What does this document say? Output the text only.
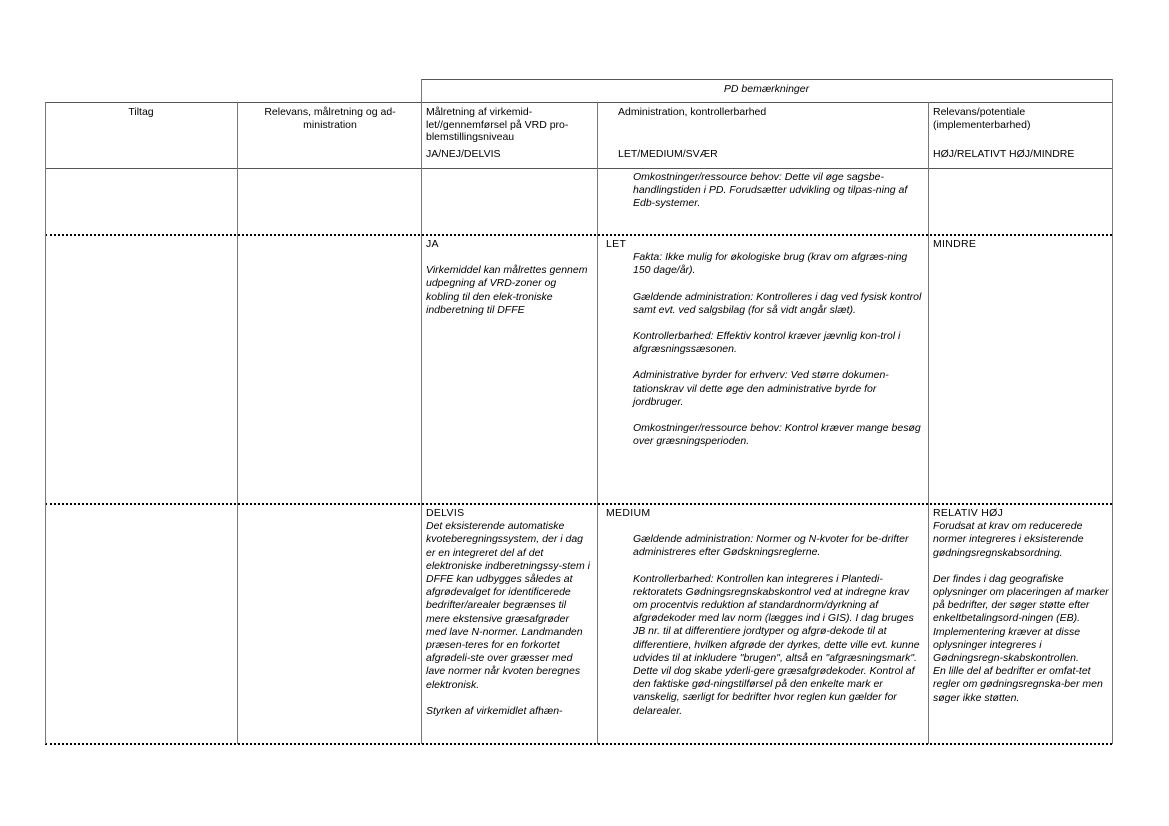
PD bemærkninger
Tiltag	Relevans, målretning og ad-ministration
Målretning af virkemid-let//gennemførsel på VRD pro-blemstillingsniveau
JA/NEJ/DELVIS
Administration, kontrollerbarhed
LET/MEDIUM/SVÆR
Relevans/potentiale (implementerbarhed)
HØJ/RELATIVT HØJ/MINDRE

Omkostninger/ressource behov: Dette vil øge sagsbe-handlingstiden i PD. Forudsætter udvikling og tilpas-ning af Edb-systemer.

JA

Virkemiddel kan målrettes gennem udpegning af VRD-zoner og kobling til den elek-troniske indberetning til DFFE

LET

Fakta: Ikke mulig for økologiske brug (krav om afgræs-ning 150 dage/år).

Gældende administration: Kontrolleres i dag ved fysisk kontrol samt evt. ved salgsbilag (for så vidt angår slæt).

Kontrollerbarhed: Effektiv kontrol kræver jævnlig kon-trol i afgræsningssæsonen.

Administrative byrder for erhverv: Ved større dokumen-tationskrav vil dette øge den administrative byrde for jordbruger.

Omkostninger/ressource behov: Kontrol kræver mange besøg over græsningsperioden.

MINDRE
DELVIS

Det eksisterende automatiske kvoteberegningssystem, der i dag er en integreret del af det elektroniske indberetningssy-stem i DFFE kan udbygges således at afgrødevalget for identificerede bedrifter/arealer begrænses til mere ekstensive græsafgrøder med lave N-normer. Landmanden præsen-teres for en forkortet afgrødeli-ste over græsser med lave normer når kvoten beregnes elektronisk.

Styrken af virkemidlet afhæn-

MEDIUM

Gældende administration: Normer og N-kvoter for be-drifter administreres efter Gødskningsreglerne.

Kontrollerbarhed: Kontrollen kan integreres i Plantedi-rektoratets Gødningsregnskabskontrol ved at indregne krav om procentvis reduktion af standardnorm/dyrkning af afgrødekoder med lav norm (lægges ind i GIS). I dag bruges JB nr. til at differentiere jordtyper og afgrø-dekode til at differentiere, hvilken afgrøde der dyrkes, dette ville evt. kunne udvides til at inkludere "brugen", altså en "afgræsningsmark". Dette vil dog skabe yderli-gere græsafgrødekoder. Kontrol af den faktiske gød-ningstilførsel på den enkelte mark er vanskelig, særligt for bedrifter hvor reglen kun gælder for delarealer.

RELATIV HØJ

Forudsat at krav om reducerede normer integreres i eksisterende gødningsregnskabsordning.

Der findes i dag geografiske oplysninger om placeringen af marker på bedrifter, der søger støtte efter enkeltbetalingsord-ningen (EB). Implementering kræver at disse oplysninger integreres i Gødningsregn-skabskontrollen.

En lille del af bedrifter er omfat-tet regler om gødningsregnska-ber men søger ikke støtten.
